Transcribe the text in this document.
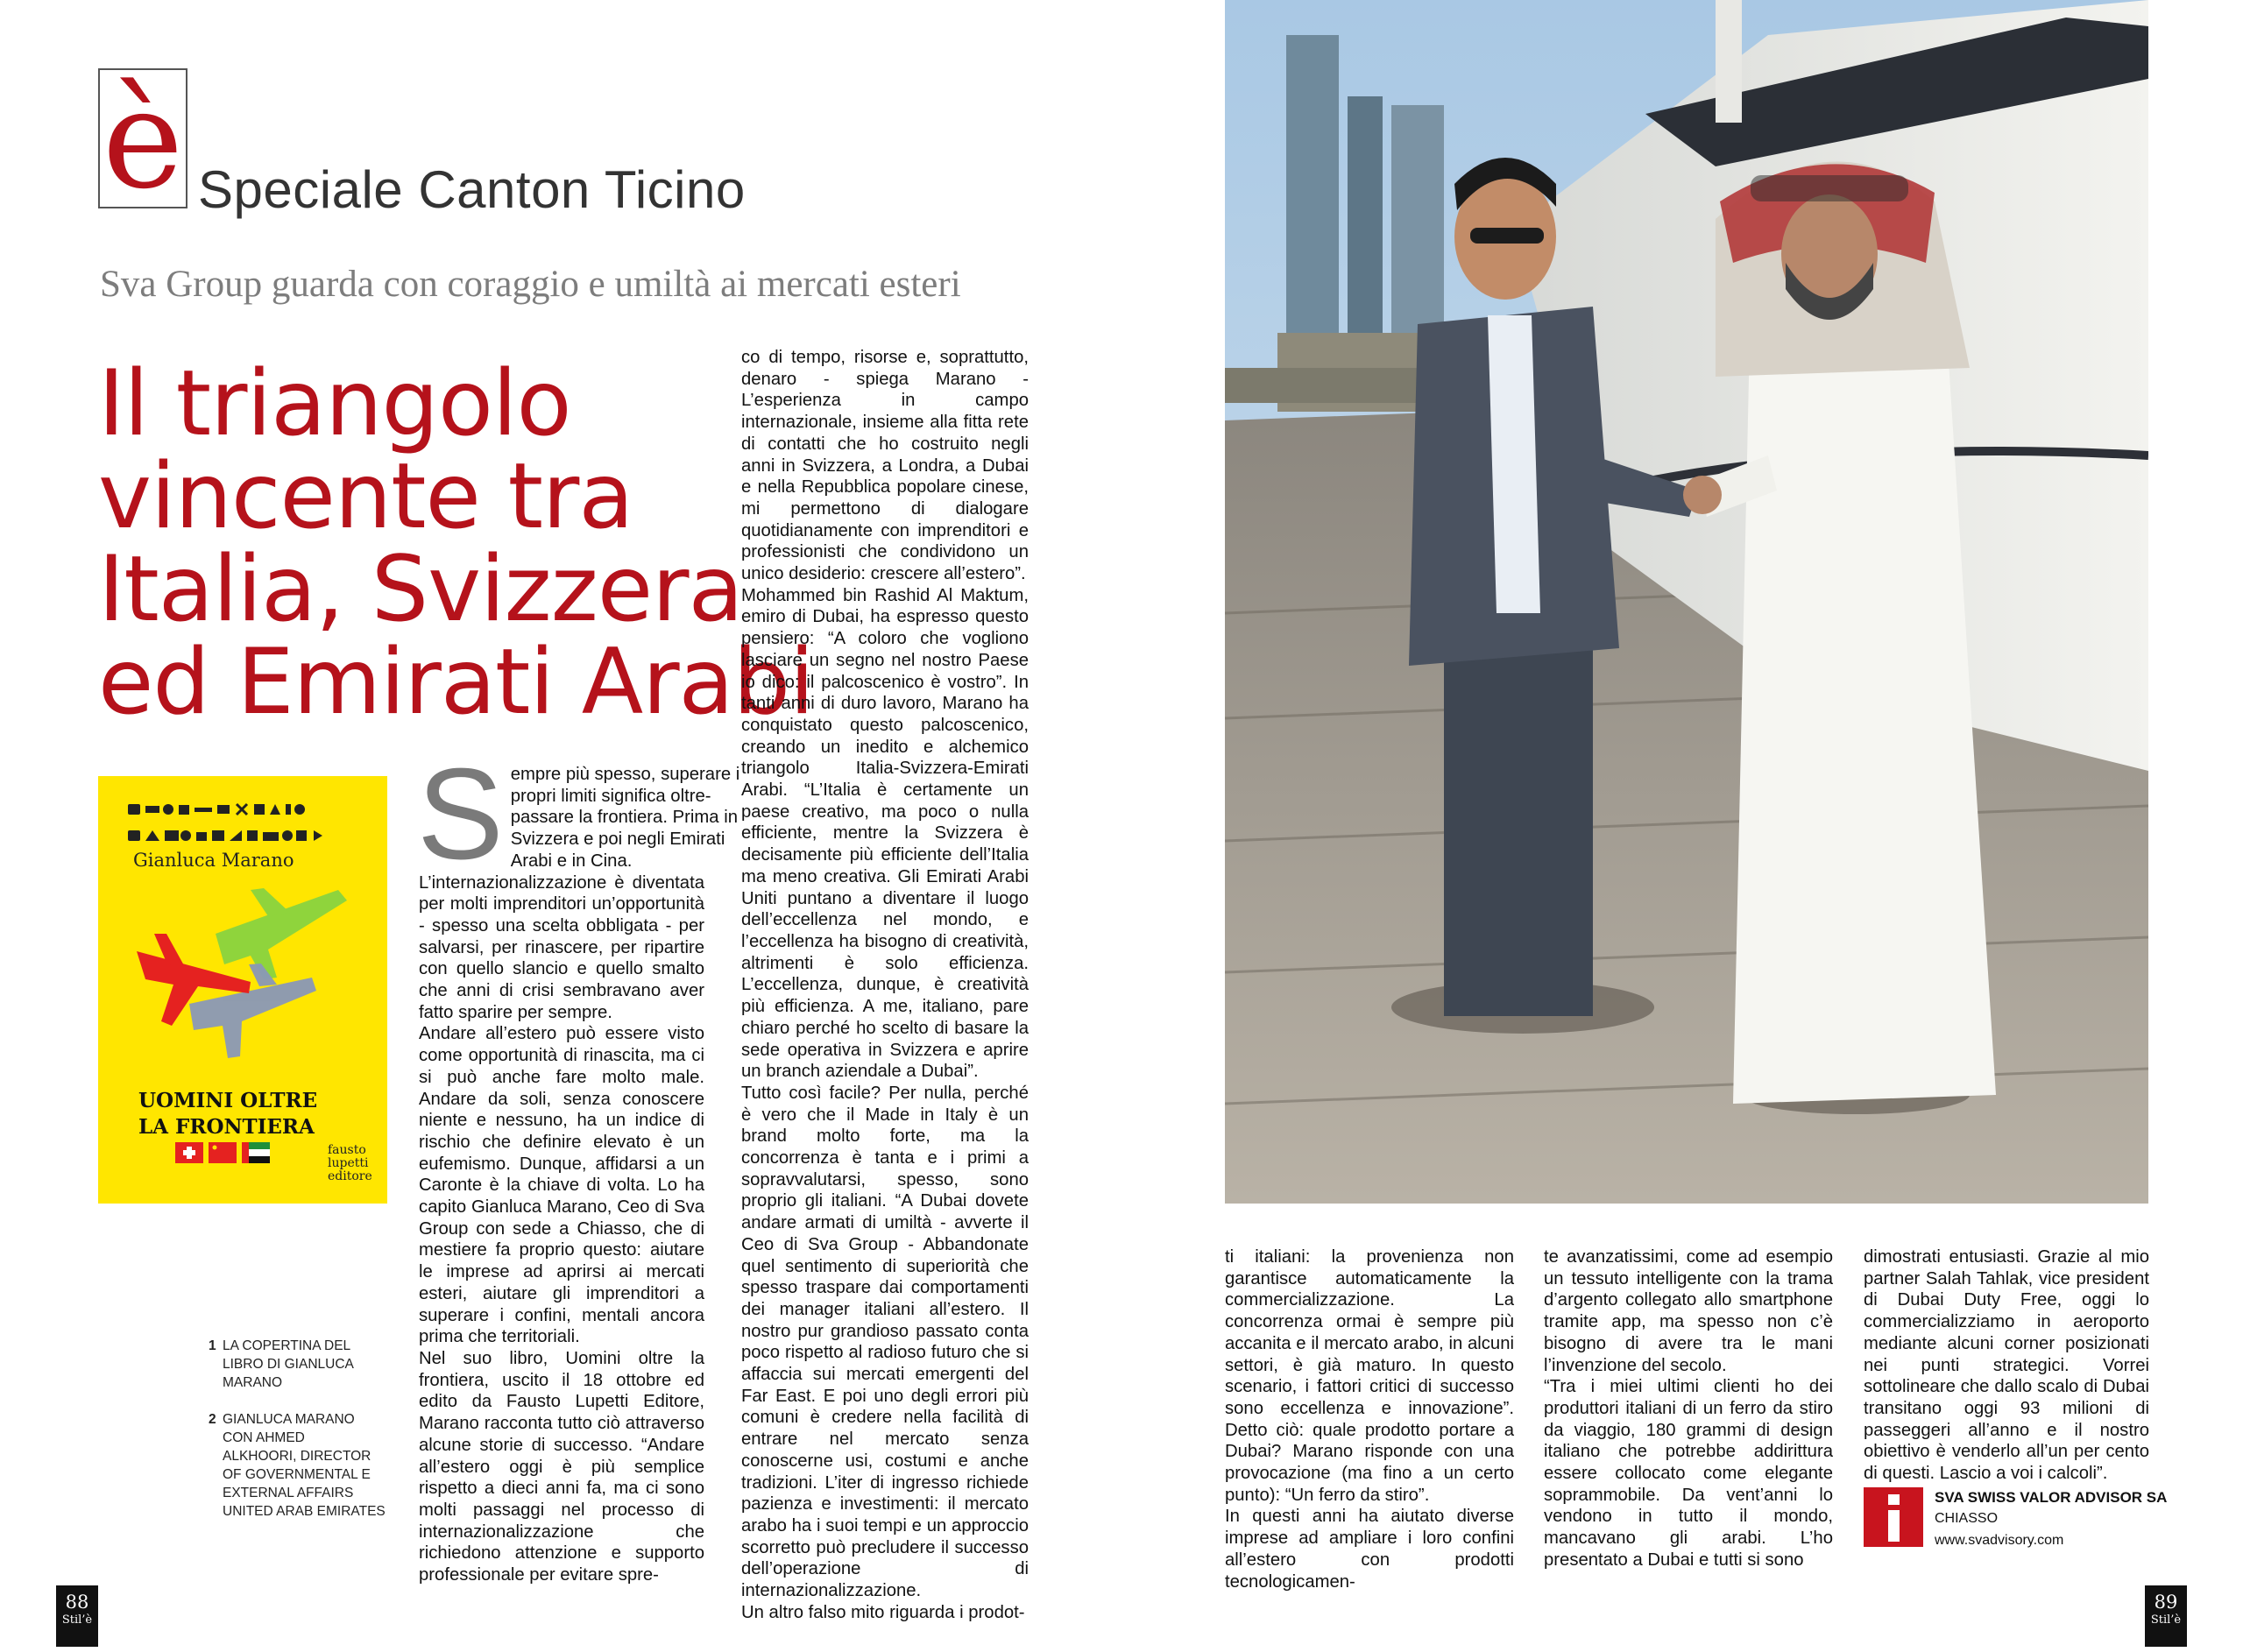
è Speciale Canton Ticino
Sva Group guarda con coraggio e umiltà ai mercati esteri
Il triangolo
vincente tra
Italia, Svizzera
ed Emirati Arabi
Gianluca Marano
UOMINI OLTRE
LA FRONTIERA
fausto
lupetti
editore
1 LA COPERTINA DEL
LIBRO DI GIANLUCA
MARANO
2 GIANLUCA MARANO
CON AHMED
ALKHOORI, DIRECTOR
OF GOVERNMENTAL E
EXTERNAL AFFAIRS
UNITED ARAB EMIRATES
S empre più spesso, superare i
propri limiti significa oltre-
passare la frontiera. Prima in
Svizzera e poi negli Emirati
Arabi e in Cina.

L’internazionalizzazione è diventata per molti imprenditori un’opportunità - spesso una scelta obbligata - per salvarsi, per rinascere, per ripartire con quello slancio e quello smalto che anni di crisi sembravano aver fatto sparire per sempre.

Andare all’estero può essere visto come opportunità di rinascita, ma ci si può anche fare molto male. Andare da soli, senza conoscere niente e nessuno, ha un indice di rischio che definire elevato è un eufemismo. Dunque, affidarsi a un Caronte è la chiave di volta. Lo ha capito Gianluca Marano, Ceo di Sva Group con sede a Chiasso, che di mestiere fa proprio questo: aiutare le imprese ad aprirsi ai mercati esteri, aiutare gli imprenditori a superare i confini, mentali ancora prima che territoriali.

Nel suo libro, Uomini oltre la frontiera, uscito il 18 ottobre ed edito da Fausto Lupetti Editore, Marano racconta tutto ciò attraverso alcune storie di successo. “Andare all’estero oggi è più semplice rispetto a dieci anni fa, ma ci sono molti passaggi nel processo di internazionalizzazione che richiedono attenzione e supporto professionale per evitare spre-

co di tempo, risorse e, soprattutto, denaro - spiega Marano - L’esperienza in campo internazionale, insieme alla fitta rete di contatti che ho costruito negli anni in Svizzera, a Londra, a Dubai e nella Repubblica popolare cinese, mi permettono di dialogare quotidianamente con imprenditori e professionisti che condividono un unico desiderio: crescere all’estero”.

Mohammed bin Rashid Al Maktum, emiro di Dubai, ha espresso questo pensiero: “A coloro che vogliono lasciare un segno nel nostro Paese io dico: il palcoscenico è vostro”. In tanti anni di duro lavoro, Marano ha conquistato questo palcoscenico, creando un inedito e alchemico triangolo Italia-Svizzera-Emirati Arabi. “L’Italia è certamente un paese creativo, ma poco o nulla efficiente, mentre la Svizzera è decisamente più efficiente dell’Italia ma meno creativa. Gli Emirati Arabi Uniti puntano a diventare il luogo dell’eccellenza nel mondo, e l’eccellenza ha bisogno di creatività, altrimenti è solo efficienza. L’eccellenza, dunque, è creatività più efficienza. A me, italiano, pare chiaro perché ho scelto di basare la sede operativa in Svizzera e aprire un branch aziendale a Dubai”.

Tutto così facile? Per nulla, perché è vero che il Made in Italy è un brand molto forte, ma la concorrenza è tanta e i primi a sopravvalutarsi, spesso, sono proprio gli italiani. “A Dubai dovete andare armati di umiltà - avverte il Ceo di Sva Group - Abbandonate quel sentimento di superiorità che spesso traspare dai comportamenti dei manager italiani all’estero. Il nostro pur grandioso passato conta poco rispetto al radioso futuro che si affaccia sui mercati emergenti del Far East. E poi uno degli errori più comuni è credere nella facilità di entrare nel mercato senza conoscerne usi, costumi e anche tradizioni. L’iter di ingresso richiede pazienza e investimenti: il mercato arabo ha i suoi tempi e un approccio scorretto può precludere il successo dell’operazione di internazionalizzazione.

Un altro falso mito riguarda i prodot-

ti italiani: la provenienza non garantisce automaticamente la commercializzazione. La concorrenza ormai è sempre più accanita e il mercato arabo, in alcuni settori, è già maturo. In questo scenario, i fattori critici di successo sono eccellenza e innovazione”. Detto ciò: quale prodotto portare a Dubai? Marano risponde con una provocazione (ma fino a un certo punto): “Un ferro da stiro”.

In questi anni ha aiutato diverse imprese ad ampliare i loro confini all’estero con prodotti tecnologicamen-

te avanzatissimi, come ad esempio un tessuto intelligente con la trama d’argento collegato allo smartphone tramite app, ma spesso non c’è bisogno di avere tra le mani l’invenzione del secolo.

“Tra i miei ultimi clienti ho dei produttori italiani di un ferro da stiro da viaggio, 180 grammi di design italiano che potrebbe addirittura essere collocato come elegante soprammobile. Da vent’anni lo vendono in tutto il mondo, mancavano gli arabi. L’ho presentato a Dubai e tutti si sono

dimostrati entusiasti. Grazie al mio partner Salah Tahlak, vice president di Dubai Duty Free, oggi lo commercializziamo in aeroporto mediante alcuni corner posizionati nei punti strategici. Vorrei sottolineare che dallo scalo di Dubai transitano oggi 93 milioni di passeggeri all’anno e il nostro obiettivo è venderlo all’un per cento di questi. Lascio a voi i calcoli”.

SVA SWISS VALOR ADVISOR SA
CHIASSO
www.svadvisory.com
88
Stil’è
89
Stil’è
